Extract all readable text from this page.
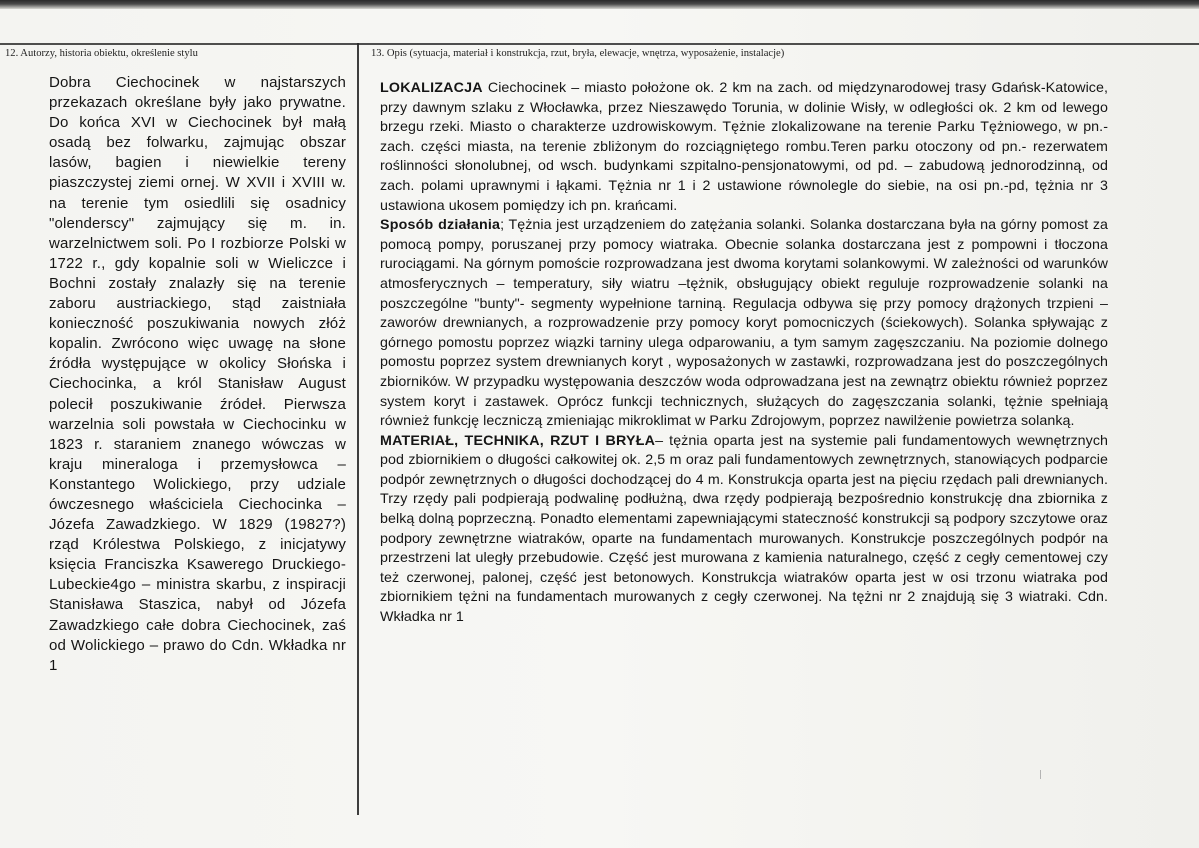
12. Autorzy, historia obiektu, określenie stylu	13. Opis (sytuacja, materiał i konstrukcja, rzut, bryła, elewacje, wnętrza, wyposażenie, instalacje)

Dobra Ciechocinek w najstarszych przekazach określane były jako prywatne. Do końca XVI w Ciechocinek był małą osadą bez folwarku, zajmując obszar lasów, bagien i niewielkie tereny piaszczystej ziemi ornej. W XVII i XVIII w. na terenie tym osiedlili się osadnicy "olenderscy" zajmujący się m. in. warzelnictwem soli. Po I rozbiorze Polski w 1722 r., gdy kopalnie soli w Wieliczce i Bochni zostały znalazły się na terenie zaboru austriackiego, stąd zaistniała konieczność poszukiwania nowych złóż kopalin. Zwrócono więc uwagę na słone źródła występujące w okolicy Słońska i Ciechocinka, a król Stanisław August polecił poszukiwanie źródeł. Pierwsza warzelnia soli powstała w Ciechocinku w 1823 r. staraniem znanego wówczas w kraju mineraloga i przemysłowca – Konstantego Wolickiego, przy udziale ówczesnego właściciela Ciechocinka – Józefa Zawadzkiego. W 1829 (19827?) rząd Królestwa Polskiego, z inicjatywy księcia Franciszka Ksawerego Druckiego-Lubeckie4go – ministra skarbu, z inspiracji Stanisława Staszica, nabył od Józefa Zawadzkiego całe dobra Ciechocinek, zaś od Wolickiego – prawo do Cdn. Wkładka nr 1

LOKALIZACJA Ciechocinek – miasto położone ok. 2 km na zach. od międzynarodowej trasy Gdańsk-Katowice, przy dawnym szlaku z Włocławka, przez Nieszawędo Torunia, w dolinie Wisły, w odległości ok. 2 km od lewego brzegu rzeki. Miasto o charakterze uzdrowiskowym. Tężnie zlokalizowane na terenie Parku Tężniowego, w pn.-zach. części miasta, na terenie zbliżonym do rozciągniętego rombu.Teren parku otoczony od pn.- rezerwatem roślinności słonolubnej, od wsch. budynkami szpitalno-pensjonatowymi, od pd. – zabudową jednorodzinną, od zach. polami uprawnymi i łąkami. Tężnia nr 1 i 2 ustawione równolegle do siebie, na osi pn.-pd, tężnia nr 3 ustawiona ukosem pomiędzy ich pn. krańcami.

Sposób działania; Tężnia jest urządzeniem do zatężania solanki. Solanka dostarczana była na górny pomost za pomocą pompy, poruszanej przy pomocy wiatraka. Obecnie solanka dostarczana jest z pompowni i tłoczona rurociągami. Na górnym pomoście rozprowadzana jest dwoma korytami solankowymi. W zależności od warunków atmosferycznych – temperatury, siły wiatru –tężnik, obsługujący obiekt reguluje rozprowadzenie solanki na poszczególne "bunty"- segmenty wypełnione tarniną. Regulacja odbywa się przy pomocy drążonych trzpieni – zaworów drewnianych, a rozprowadzenie przy pomocy koryt pomocniczych (ściekowych). Solanka spływając z górnego pomostu poprzez wiązki tarniny ulega odparowaniu, a tym samym zagęszczaniu. Na poziomie dolnego pomostu poprzez system drewnianych koryt , wyposażonych w zastawki, rozprowadzana jest do poszczególnych zbiorników. W przypadku występowania deszczów woda odprowadzana jest na zewnątrz obiektu również poprzez system koryt i zastawek. Oprócz funkcji technicznych, służących do zagęszczania solanki, tężnie spełniają również funkcję leczniczą zmieniając mikroklimat w Parku Zdrojowym, poprzez nawilżenie powietrza solanką.

MATERIAŁ, TECHNIKA, RZUT I BRYŁA– tężnia oparta jest na systemie pali fundamentowych wewnętrznych pod zbiornikiem o długości całkowitej ok. 2,5 m oraz pali fundamentowych zewnętrznych, stanowiących podparcie podpór zewnętrznych o długości dochodzącej do 4 m. Konstrukcja oparta jest na pięciu rzędach pali drewnianych. Trzy rzędy pali podpierają podwalinę podłużną, dwa rzędy podpierają bezpośrednio konstrukcję dna zbiornika z belką dolną poprzeczną. Ponadto elementami zapewniającymi stateczność konstrukcji są podpory szczytowe oraz podpory zewnętrzne wiatraków, oparte na fundamentach murowanych. Konstrukcje poszczególnych podpór na przestrzeni lat uległy przebudowie. Część jest murowana z kamienia naturalnego, część z cegły cementowej czy też czerwonej, palonej, część jest betonowych. Konstrukcja wiatraków oparta jest w osi trzonu wiatraka pod zbiornikiem tężni na fundamentach murowanych z cegły czerwonej. Na tężni nr 2 znajdują się 3 wiatraki. Cdn. Wkładka nr 1
